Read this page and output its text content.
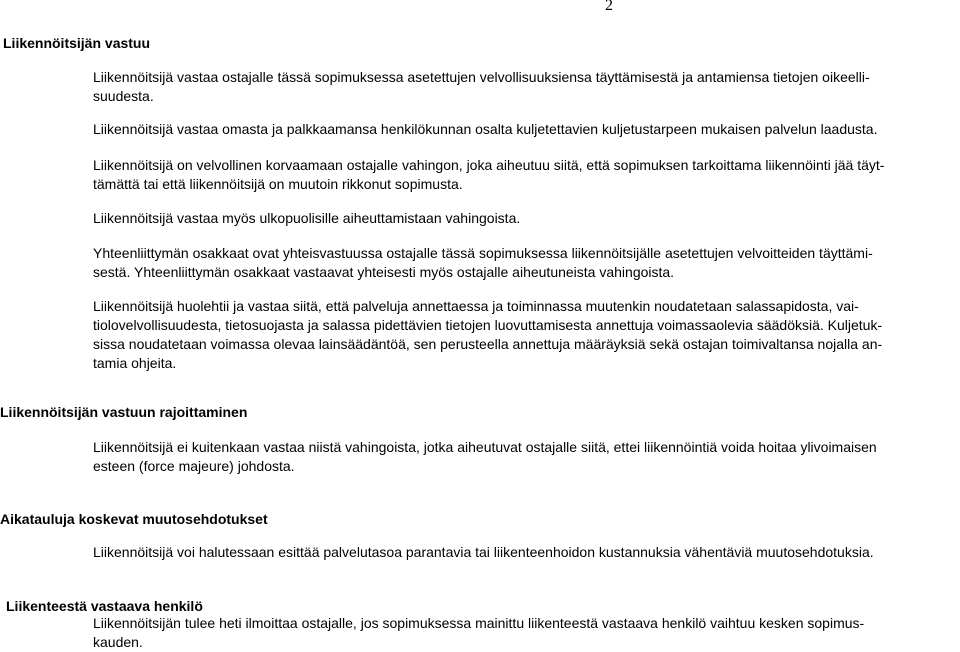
2
Liikennöitsijän vastuu
Liikennöitsijä vastaa ostajalle tässä sopimuksessa asetettujen velvollisuuksiensa täyttämisestä ja antamiensa tietojen oikeelli-
suudesta.
Liikennöitsijä vastaa omasta ja palkkaamansa henkilökunnan osalta kuljetettavien kuljetustarpeen mukaisen palvelun laadusta.
Liikennöitsijä on velvollinen korvaamaan ostajalle vahingon, joka aiheutuu siitä, että sopimuksen tarkoittama liikennöinti jää täyt-
tämättä tai että liikennöitsijä on muutoin rikkonut sopimusta.
Liikennöitsijä vastaa myös ulkopuolisille aiheuttamistaan vahingoista.
Yhteenliittymän osakkaat ovat yhteisvastuussa ostajalle tässä sopimuksessa liikennöitsijälle asetettujen velvoitteiden täyttämi-
sestä. Yhteenliittymän osakkaat vastaavat yhteisesti myös ostajalle aiheutuneista vahingoista.
Liikennöitsijä huolehtii ja vastaa siitä, että palveluja annettaessa ja toiminnassa muutenkin noudatetaan salassapidosta, vai-
tiolovelvollisuudesta, tietosuojasta ja salassa pidettävien tietojen luovuttamisesta annettuja voimassaolevia säädöksiä. Kuljetuk-
sissa noudatetaan voimassa olevaa lainsäädäntöä, sen perusteella annettuja määräyksiä sekä ostajan toimivaltansa nojalla an-
tamia ohjeita.
Liikennöitsijän vastuun rajoittaminen
Liikennöitsijä ei kuitenkaan vastaa niistä vahingoista, jotka aiheutuvat ostajalle siitä, ettei liikennöintiä voida hoitaa ylivoimaisen
esteen (force majeure) johdosta.
Aikatauluja koskevat muutosehdotukset
Liikennöitsijä voi halutessaan esittää palvelutasoa parantavia tai liikenteenhoidon kustannuksia vähentäviä muutosehdotuksia.
Liikenteestä vastaava henkilö
Liikennöitsijän tulee heti ilmoittaa ostajalle, jos sopimuksessa mainittu liikenteestä vastaava henkilö vaihtuu kesken sopimus-
kauden.
